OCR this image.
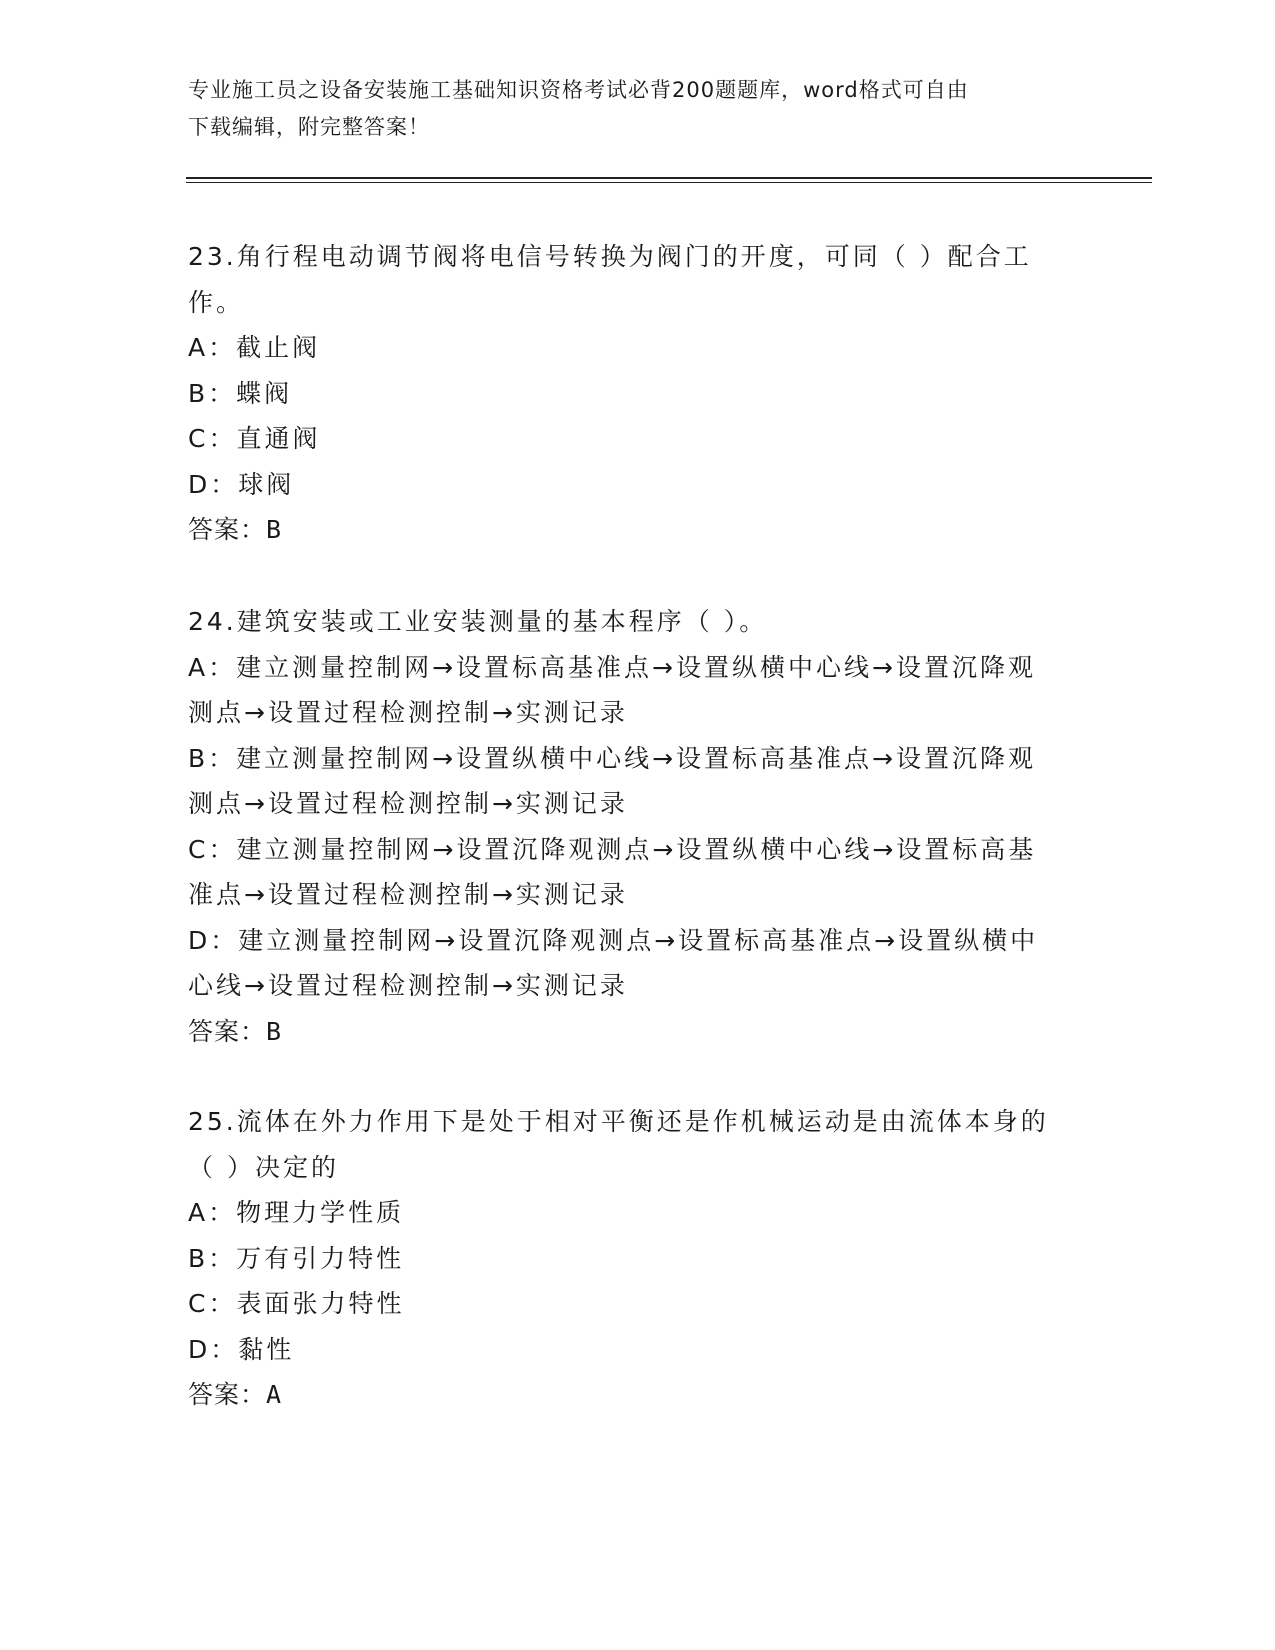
专业施工员之设备安装施工基础知识资格考试必背200题题库，word格式可自由
下载编辑，附完整答案！
23.角行程电动调节阀将电信号转换为阀门的开度，可同（ ）配合工
作。
A：截止阀
B：蝶阀
C：直通阀
D：球阀
答案：B
24.建筑安装或工业安装测量的基本程序（ ）。
A：建立测量控制网→设置标高基准点→设置纵横中心线→设置沉降观
测点→设置过程检测控制→实测记录
B：建立测量控制网→设置纵横中心线→设置标高基准点→设置沉降观
测点→设置过程检测控制→实测记录
C：建立测量控制网→设置沉降观测点→设置纵横中心线→设置标高基
准点→设置过程检测控制→实测记录
D：建立测量控制网→设置沉降观测点→设置标高基准点→设置纵横中
心线→设置过程检测控制→实测记录
答案：B
25.流体在外力作用下是处于相对平衡还是作机械运动是由流体本身的
（ ）决定的
A：物理力学性质
B：万有引力特性
C：表面张力特性
D：黏性
答案：A
